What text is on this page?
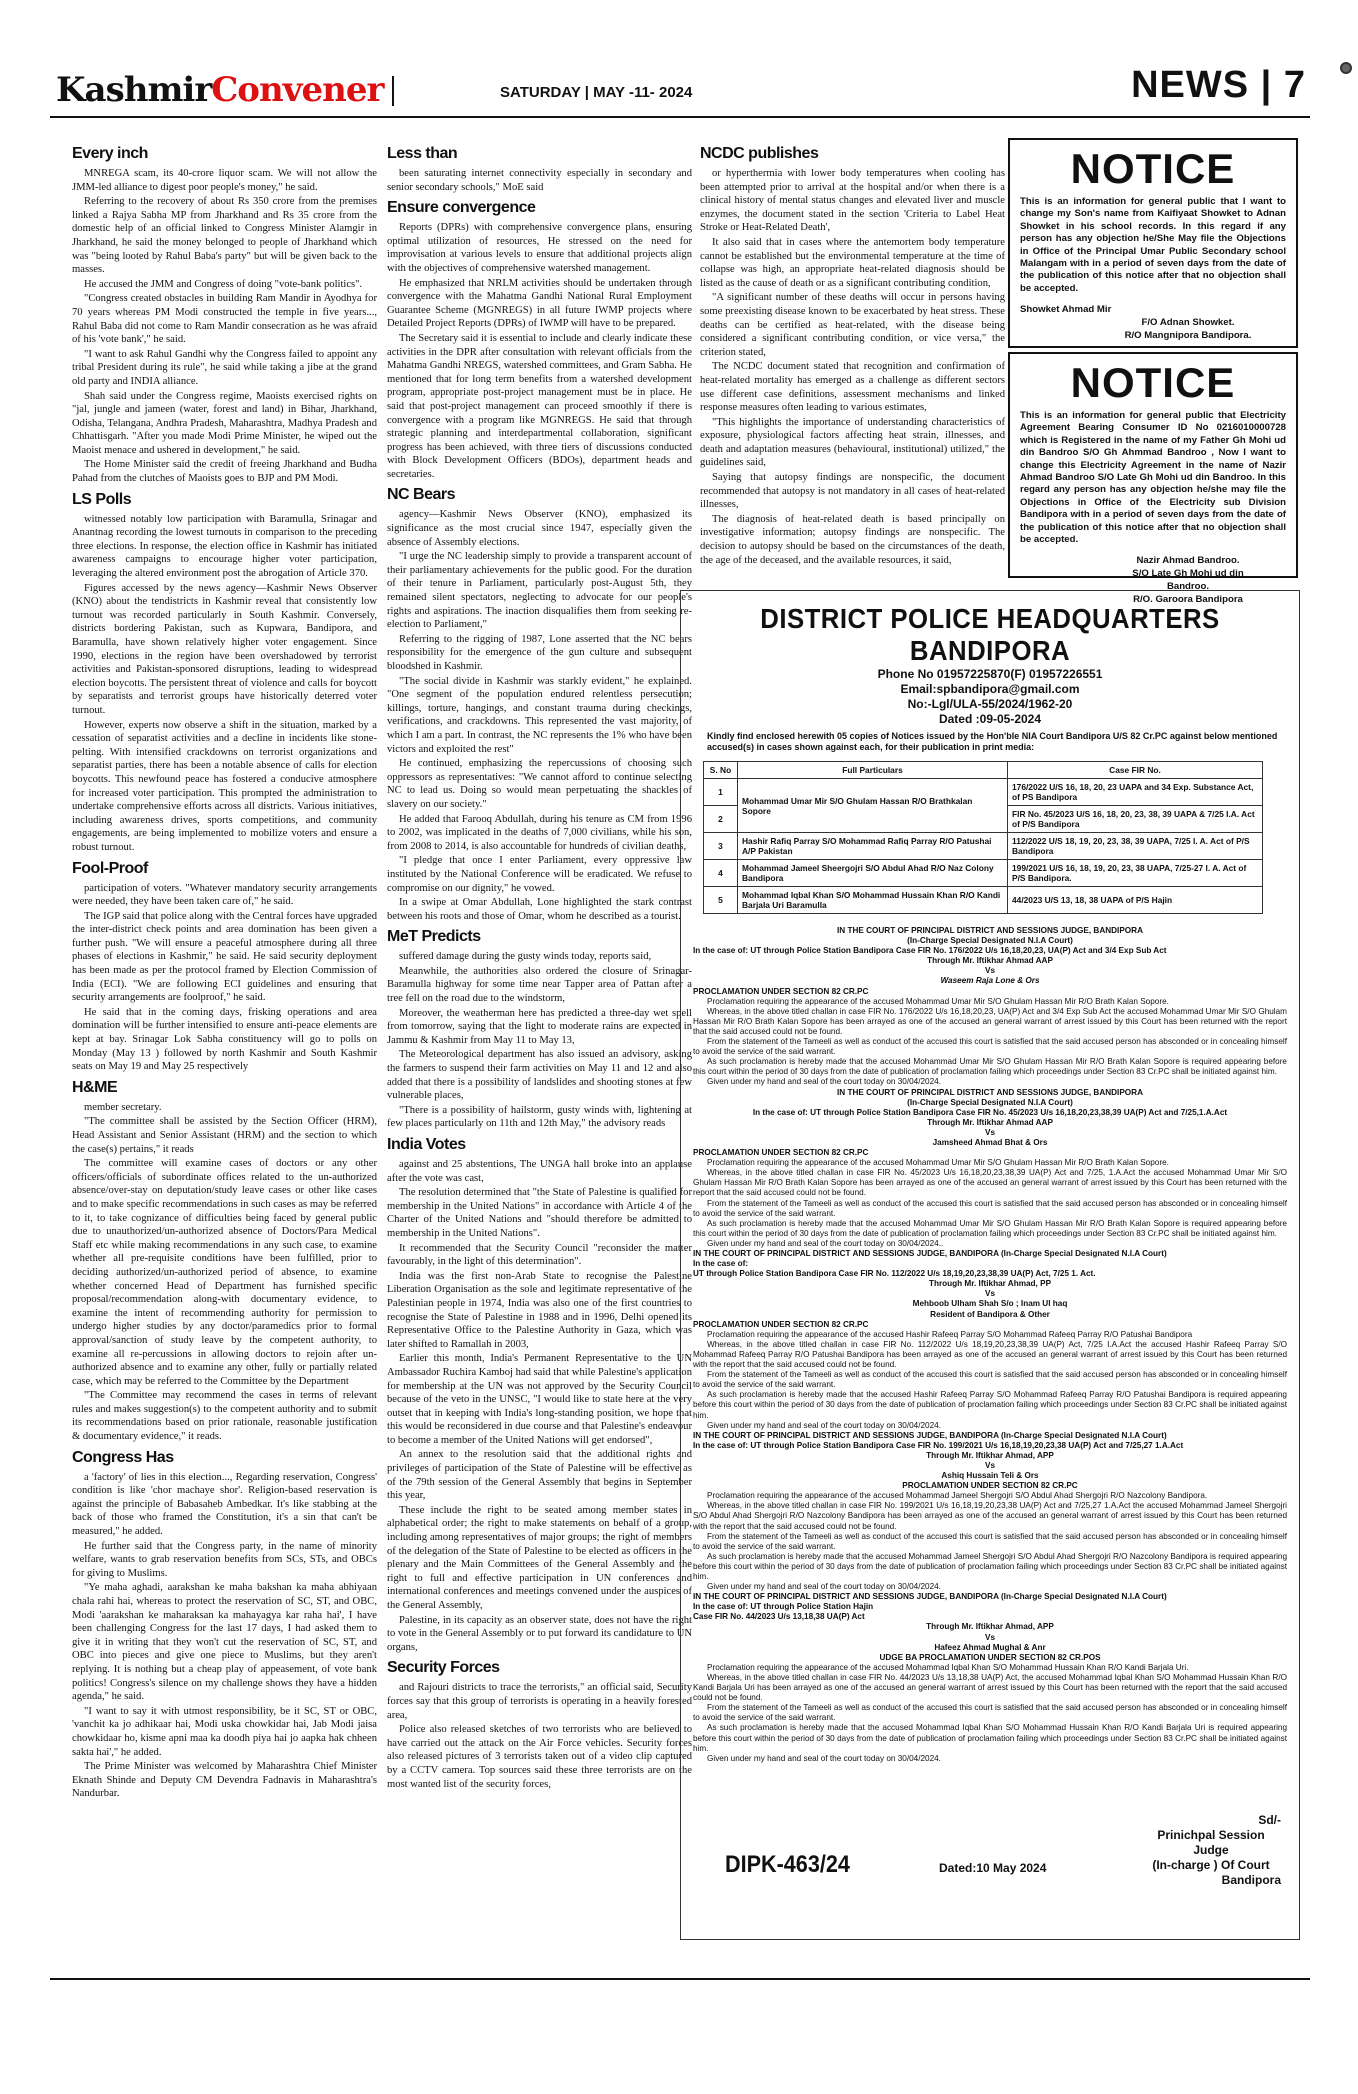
KashmirConvener	SATURDAY | MAY -11- 2024	NEWS | 7
Every inch

MNREGA scam, its 40-crore liquor scam. We will not allow the JMM-led alliance to digest poor people's money," he said.

Referring to the recovery of about Rs 350 crore from the premises linked a Rajya Sabha MP from Jharkhand and Rs 35 crore from the domestic help of an official linked to Congress Minister Alamgir in Jharkhand, he said the money belonged to people of Jharkhand which was "being looted by Rahul Baba's party" but will be given back to the masses.

He accused the JMM and Congress of doing "vote-bank politics".

"Congress created obstacles in building Ram Mandir in Ayodhya for 70 years whereas PM Modi constructed the temple in five years..., Rahul Baba did not come to Ram Mandir consecration as he was afraid of his 'vote bank'," he said.

"I want to ask Rahul Gandhi why the Congress failed to appoint any tribal President during its rule", he said while taking a jibe at the grand old party and INDIA alliance.

Shah said under the Congress regime, Maoists exercised rights on "jal, jungle and jameen (water, forest and land) in Bihar, Jharkhand, Odisha, Telangana, Andhra Pradesh, Maharashtra, Madhya Pradesh and Chhattisgarh. "After you made Modi Prime Minister, he wiped out the Maoist menace and ushered in development," he said.

The Home Minister said the credit of freeing Jharkhand and Budha Pahad from the clutches of Maoists goes to BJP and PM Modi.

LS Polls

witnessed notably low participation with Baramulla, Srinagar and Anantnag recording the lowest turnouts in comparison to the preceding three elections. In response, the election office in Kashmir has initiated awareness campaigns to encourage higher voter participation, leveraging the altered environment post the abrogation of Article 370.

Figures accessed by the news agency—Kashmir News Observer (KNO) about the tendistricts in Kashmir reveal that consistently low turnout was recorded particularly in South Kashmir. Conversely, districts bordering Pakistan, such as Kupwara, Bandipora, and Baramulla, have shown relatively higher voter engagement. Since 1990, elections in the region have been overshadowed by terrorist activities and Pakistan-sponsored disruptions, leading to widespread election boycotts. The persistent threat of violence and calls for boycott by separatists and terrorist groups have historically deterred voter turnout.

However, experts now observe a shift in the situation, marked by a cessation of separatist activities and a decline in incidents like stone-pelting. With intensified crackdowns on terrorist organizations and separatist parties, there has been a notable absence of calls for election boycotts. This newfound peace has fostered a conducive atmosphere for increased voter participation. This prompted the administration to undertake comprehensive efforts across all districts. Various initiatives, including awareness drives, sports competitions, and community engagements, are being implemented to mobilize voters and ensure a robust turnout.

Fool-Proof

participation of voters. "Whatever mandatory security arrangements were needed, they have been taken care of," he said.

The IGP said that police along with the Central forces have upgraded the inter-district check points and area domination has been given a further push. "We will ensure a peaceful atmosphere during all three phases of elections in Kashmir," he said. He said security deployment has been made as per the protocol framed by Election Commission of India (ECI). "We are following ECI guidelines and ensuring that security arrangements are foolproof," he said.

He said that in the coming days, frisking operations and area domination will be further intensified to ensure anti-peace elements are kept at bay. Srinagar Lok Sabha constituency will go to polls on Monday (May 13 ) followed by north Kashmir and South Kashmir seats on May 19 and May 25 respectively

H&ME

member secretary.

"The committee shall be assisted by the Section Officer (HRM), Head Assistant and Senior Assistant (HRM) and the section to which the case(s) pertains," it reads

The committee will examine cases of doctors or any other officers/officials of subordinate offices related to the un-authorized absence/over-stay on deputation/study leave cases or other like cases and to make specific recommendations in such cases as may be referred to it, to take cognizance of difficulties being faced by general public due to unauthorized/un-authorized absence of Doctors/Para Medical Staff etc while making recommendations in any such case, to examine whether all pre-requisite conditions have been fulfilled, prior to deciding authorized/un-authorized period of absence, to examine whether concerned Head of Department has furnished specific proposal/recommendation along-with documentary evidence, to examine the intent of recommending authority for permission to undergo higher studies by any doctor/paramedics prior to formal approval/sanction of study leave by the competent authority, to examine all re-percussions in allowing doctors to rejoin after un-authorized absence and to examine any other, fully or partially related case, which may be referred to the Committee by the Department

"The Committee may recommend the cases in terms of relevant rules and makes suggestion(s) to the competent authority and to submit its recommendations based on prior rationale, reasonable justification & documentary evidence," it reads.

Congress Has

a 'factory' of lies in this election..., Regarding reservation, Congress' condition is like 'chor machaye shor'. Religion-based reservation is against the principle of Babasaheb Ambedkar. It's like stabbing at the back of those who framed the Constitution, it's a sin that can't be measured," he added.

He further said that the Congress party, in the name of minority welfare, wants to grab reservation benefits from SCs, STs, and OBCs for giving to Muslims.

"Ye maha aghadi, aarakshan ke maha bakshan ka maha abhiyaan chala rahi hai, whereas to protect the reservation of SC, ST, and OBC, Modi 'aarakshan ke maharaksan ka mahayagya kar raha hai', I have been challenging Congress for the last 17 days, I had asked them to give it in writing that they won't cut the reservation of SC, ST, and OBC into pieces and give one piece to Muslims, but they aren't replying. It is nothing but a cheap play of appeasement, of vote bank politics! Congress's silence on my challenge shows they have a hidden agenda," he said.

"I want to say it with utmost responsibility, be it SC, ST or OBC, 'vanchit ka jo adhikaar hai, Modi uska chowkidar hai, Jab Modi jaisa chowkidaar ho, kisme apni maa ka doodh piya hai jo aapka hak chheen sakta hai'," he added.

The Prime Minister was welcomed by Maharashtra Chief Minister Eknath Shinde and Deputy CM Devendra Fadnavis in Maharashtra's Nandurbar.

Less than

been saturating internet connectivity especially in secondary and senior secondary schools," MoE said

Ensure convergence

Reports (DPRs) with comprehensive convergence plans, ensuring optimal utilization of resources, He stressed on the need for improvisation at various levels to ensure that additional projects align with the objectives of comprehensive watershed management.

He emphasized that NRLM activities should be undertaken through convergence with the Mahatma Gandhi National Rural Employment Guarantee Scheme (MGNREGS) in all future IWMP projects where Detailed Project Reports (DPRs) of IWMP will have to be prepared.

The Secretary said it is essential to include and clearly indicate these activities in the DPR after consultation with relevant officials from the Mahatma Gandhi NREGS, watershed committees, and Gram Sabha. He mentioned that for long term benefits from a watershed development program, appropriate post-project management must be in place. He said that post-project management can proceed smoothly if there is convergence with a program like MGNREGS. He said that through strategic planning and interdepartmental collaboration, significant progress has been achieved, with three tiers of discussions conducted with Block Development Officers (BDOs), department heads and secretaries.

NC Bears

agency—Kashmir News Observer (KNO), emphasized its significance as the most crucial since 1947, especially given the absence of Assembly elections.

"I urge the NC leadership simply to provide a transparent account of their parliamentary achievements for the public good. For the duration of their tenure in Parliament, particularly post-August 5th, they remained silent spectators, neglecting to advocate for our people's rights and aspirations. The inaction disqualifies them from seeking re-election to Parliament,"

Referring to the rigging of 1987, Lone asserted that the NC bears responsibility for the emergence of the gun culture and subsequent bloodshed in Kashmir.

"The social divide in Kashmir was starkly evident," he explained. "One segment of the population endured relentless persecution; killings, torture, hangings, and constant trauma during checkings, verifications, and crackdowns. This represented the vast majority, of which I am a part. In contrast, the NC represents the 1% who have been victors and exploited the rest"

He continued, emphasizing the repercussions of choosing such oppressors as representatives: "We cannot afford to continue selecting NC to lead us. Doing so would mean perpetuating the shackles of slavery on our society."

He added that Farooq Abdullah, during his tenure as CM from 1996 to 2002, was implicated in the deaths of 7,000 civilians, while his son, from 2008 to 2014, is also accountable for hundreds of civilian deaths,

"I pledge that once I enter Parliament, every oppressive law instituted by the National Conference will be eradicated. We refuse to compromise on our dignity," he vowed.

In a swipe at Omar Abdullah, Lone highlighted the stark contrast between his roots and those of Omar, whom he described as a tourist.

MeT Predicts

suffered damage during the gusty winds today, reports said,

Meanwhile, the authorities also ordered the closure of Srinagar-Baramulla highway for some time near Tapper area of Pattan after a tree fell on the road due to the windstorm,

Moreover, the weatherman here has predicted a three-day wet spell from tomorrow, saying that the light to moderate rains are expected in Jammu & Kashmir from May 11 to May 13,

The Meteorological department has also issued an advisory, asking the farmers to suspend their farm activities on May 11 and 12 and also added that there is a possibility of landslides and shooting stones at few vulnerable places,

"There is a possibility of hailstorm, gusty winds with, lightening at few places particularly on 11th and 12th May," the advisory reads

India Votes

against and 25 abstentions, The UNGA hall broke into an applause after the vote was cast,

The resolution determined that "the State of Palestine is qualified for membership in the United Nations" in accordance with Article 4 of the Charter of the United Nations and "should therefore be admitted to membership in the United Nations".

It recommended that the Security Council "reconsider the matter favourably, in the light of this determination".

India was the first non-Arab State to recognise the Palestine Liberation Organisation as the sole and legitimate representative of the Palestinian people in 1974, India was also one of the first countries to recognise the State of Palestine in 1988 and in 1996, Delhi opened its Representative Office to the Palestine Authority in Gaza, which was later shifted to Ramallah in 2003,

Earlier this month, India's Permanent Representative to the UN Ambassador Ruchira Kamboj had said that while Palestine's application for membership at the UN was not approved by the Security Council because of the veto in the UNSC, "I would like to state here at the very outset that in keeping with India's long-standing position, we hope that this would be reconsidered in due course and that Palestine's endeavour to become a member of the United Nations will get endorsed",

An annex to the resolution said that the additional rights and privileges of participation of the State of Palestine will be effective as of the 79th session of the General Assembly that begins in September this year,

These include the right to be seated among member states in alphabetical order; the right to make statements on behalf of a group, including among representatives of major groups; the right of members of the delegation of the State of Palestine to be elected as officers in the plenary and the Main Committees of the General Assembly and the right to full and effective participation in UN conferences and international conferences and meetings convened under the auspices of the General Assembly,

Palestine, in its capacity as an observer state, does not have the right to vote in the General Assembly or to put forward its candidature to UN organs,

Security Forces

and Rajouri districts to trace the terrorists," an official said, Security forces say that this group of terrorists is operating in a heavily forested area,

Police also released sketches of two terrorists who are believed to have carried out the attack on the Air Force vehicles. Security forces also released pictures of 3 terrorists taken out of a video clip captured by a CCTV camera. Top sources said these three terrorists are on the most wanted list of the security forces,

NCDC publishes

or hyperthermia with lower body temperatures when cooling has been attempted prior to arrival at the hospital and/or when there is a clinical history of mental status changes and elevated liver and muscle enzymes, the document stated in the section 'Criteria to Label Heat Stroke or Heat-Related Death',

It also said that in cases where the antemortem body temperature cannot be established but the environmental temperature at the time of collapse was high, an appropriate heat-related diagnosis should be listed as the cause of death or as a significant contributing condition,

"A significant number of these deaths will occur in persons having some preexisting disease known to be exacerbated by heat stress. These deaths can be certified as heat-related, with the disease being considered a significant contributing condition, or vice versa," the criterion stated,

The NCDC document stated that recognition and confirmation of heat-related mortality has emerged as a challenge as different sectors use different case definitions, assessment mechanisms and linked response measures often leading to various estimates,

"This highlights the importance of understanding characteristics of exposure, physiological factors affecting heat strain, illnesses, and death and adaptation measures (behavioural, institutional) utilized," the guidelines said,

Saying that autopsy findings are nonspecific, the document recommended that autopsy is not mandatory in all cases of heat-related illnesses,

The diagnosis of heat-related death is based principally on investigative information; autopsy findings are nonspecific. The decision to autopsy should be based on the circumstances of the death, the age of the deceased, and the available resources, it said,

NOTICE
This is an information for general public that I want to change my Son's name from Kaifiyaat Showket to Adnan Showket in his school records. In this regard if any person has any objection he/She May file the Objections in Office of the Principal Umar Public Secondary school Malangam with in a period of seven days from the date of the publication of this notice after that no objection shall be accepted.
Showket Ahmad Mir
F/O Adnan Showket.
R/O Mangnipora Bandipora.
NOTICE
This is an information for general public that Electricity Agreement Bearing Consumer ID No 0216010000728 which is Registered in the name of my Father Gh Mohi ud din Bandroo S/O Gh Ahmmad Bandroo , Now I want to change this Electricity Agreement in the name of Nazir Ahmad Bandroo S/O Late Gh Mohi ud din Bandroo. In this regard any person has any objection he/she may file the Objections in Office of the Electricity sub Division Bandipora with in a period of seven days from the date of the publication of this notice after that no objection shall be accepted.
Nazir Ahmad Bandroo.
S/O Late Gh Mohi ud din Bandroo.
R/O. Garoora Bandipora
DISTRICT POLICE HEADQUARTERS BANDIPORA
Phone No 01957225870(F) 01957226551
Email:spbandipora@gmail.com
No:-Lgl/ULA-55/2024/1962-20
Dated :09-05-2024
Kindly find enclosed herewith 05 copies of Notices issued by the Hon'ble NIA Court Bandipora U/S 82 Cr.PC against below mentioned accused(s) in cases shown against each, for their publication in print media:
S. No	Full Particulars	Case FIR No.
1	Mohammad Umar Mir S/O Ghulam Hassan R/O Brathkalan Sopore	176/2022 U/S 16, 18, 20, 23 UAPA and 34 Exp. Substance Act, of PS Bandipora
2		FIR No. 45/2023 U/S 16, 18, 20, 23, 38, 39 UAPA & 7/25 I.A. Act of P/S Bandipora
3	Hashir Rafiq Parray S/O Mohammad Rafiq Parray R/O Patushai A/P Pakistan	112/2022 U/S 18, 19, 20, 23, 38, 39 UAPA, 7/25 I. A. Act of P/S Bandipora
4	Mohammad Jameel Sheergojri S/O Abdul Ahad R/O Naz Colony Bandipora	199/2021 U/S 16, 18, 19, 20, 23, 38 UAPA, 7/25-27 I. A. Act of P/S Bandipora.
5	Mohammad Iqbal Khan S/O Mohammad Hussain Khan R/O Kandi Barjala Uri Baramulla	44/2023 U/S 13, 18, 38 UAPA of P/S Hajin
IN THE COURT OF PRINCIPAL DISTRICT AND SESSIONS JUDGE, BANDIPORA
(In-Charge Special Designated N.I.A Court)
In the case of: UT through Police Station Bandipora Case FIR No. 176/2022 U/s 16,18,20,23, UA(P) Act and 3/4 Exp Sub Act
Through Mr. Iftikhar Ahmad AAP
Vs
Waseem Raja Lone & Ors
PROCLAMATION UNDER SECTION 82 CR.PC

Proclamation requiring the appearance of the accused Mohammad Umar Mir S/O Ghulam Hassan Mir R/O Brath Kalan Sopore.

Whereas, in the above titled challan in case FIR No. 176/2022 U/s 16,18,20,23, UA(P) Act and 3/4 Exp Sub Act the accused Mohammad Umar Mir S/O Ghulam Hassan Mir R/O Brath Kalan Sopore has been arrayed as one of the accused an general warrant of arrest issued by this Court has been returned with the report that the said accused could not be found.

From the statement of the Tameeli as well as conduct of the accused this court is satisfied that the said accused person has absconded or in concealing himself to avoid the service of the said warrant.

As such proclamation is hereby made that the accused Mohammad Umar Mir S/O Ghulam Hassan Mir R/O Brath Kalan Sopore is required appearing before this court within the period of 30 days from the date of publication of proclamation failing which proceedings under Section 83 Cr.PC shall be initiated against him.

Given under my hand and seal of the court today on 30/04/2024.

IN THE COURT OF PRINCIPAL DISTRICT AND SESSIONS JUDGE, BANDIPORA
(In-Charge Special Designated N.I.A Court)
In the case of: UT through Police Station Bandipora Case FIR No. 45/2023 U/s 16,18,20,23,38,39 UA(P) Act and 7/25,1.A.Act
Through Mr. Iftikhar Ahmad AAP
Vs
Jamsheed Ahmad Bhat & Ors
PROCLAMATION UNDER SECTION 82 CR.PC

Proclamation requiring the appearance of the accused Mohammad Umar Mir S/O Ghulam Hassan Mir R/O Brath Kalan Sopore.

Whereas, in the above titled challan in case FIR No. 45/2023 U/s 16,18,20,23,38,39 UA(P) Act and 7/25, 1.A.Act the accused Mohammad Umar Mir S/O Ghulam Hassan Mir R/O Brath Kalan Sopore has been arrayed as one of the accused an general warrant of arrest issued by this Court has been returned with the report that the said accused could not be found.

From the statement of the Tameeli as well as conduct of the accused this court is satisfied that the said accused person has absconded or in concealing himself to avoid the service of the said warrant.

As such proclamation is hereby made that the accused Mohammad Umar Mir S/O Ghulam Hassan Mir R/O Brath Kalan Sopore is required appearing before this court within the period of 30 days from the date of publication of proclamation failing which proceedings under Section 83 Cr.PC shall be initiated against him.

Given under my hand and seal of the court today on 30/04/2024..

IN THE COURT OF PRINCIPAL DISTRICT AND SESSIONS JUDGE, BANDIPORA (In-Charge Special Designated N.I.A Court)
In the case of:
UT through Police Station Bandipora Case FIR No. 112/2022 U/s 18,19,20,23,38,39 UA(P) Act, 7/25 1. Act.
Through Mr. Iftikhar Ahmad, PP
Vs
Mehboob Ulham Shah S/o ; Inam Ul haq
Resident of Bandipora & Other
PROCLAMATION UNDER SECTION 82 CR.PC

Proclamation requiring the appearance of the accused Hashir Rafeeq Parray S/O Mohammad Rafeeq Parray R/O Patushai Bandipora

Whereas, in the above titled challan in case FIR No. 112/2022 U/s 18,19,20,23,38,39 UA(P) Act, 7/25 I.A.Act the accused Hashir Rafeeq Parray S/O Mohammad Rafeeq Parray R/O Patushai Bandipora has been arrayed as one of the accused an general warrant of arrest issued by this Court has been returned with the report that the said accused could not be found.

From the statement of the Tameeli as well as conduct of the accused this court is satisfied that the said accused person has absconded or in concealing himself to avoid the service of the said warrant.

As such proclamation is hereby made that the accused Hashir Rafeeq Parray S/O Mohammad Rafeeq Parray R/O Patushai Bandipora is required appearing before this court within the period of 30 days from the date of publication of proclamation failing which proceedings under Section 83 Cr.PC shall be initiated against him.

Given under my hand and seal of the court today on 30/04/2024.

IN THE COURT OF PRINCIPAL DISTRICT AND SESSIONS JUDGE, BANDIPORA (In-Charge Special Designated N.I.A Court)
In the case of: UT through Police Station Bandipora Case FIR No. 199/2021 U/s 16,18,19,20,23,38 UA(P) Act and 7/25,27 1.A.Act
Through Mr. Iftikhar Ahmad, APP
Vs
Ashiq Hussain Teli & Ors
PROCLAMATION UNDER SECTION 82 CR.PC

Proclamation requiring the appearance of the accused Mohammad Jameel Shergojri S/O Abdul Ahad Shergojri R/O Nazcolony Bandipora.

Whereas, in the above titled challan in case FIR No. 199/2021 U/s 16,18,19,20,23,38 UA(P) Act and 7/25,27 1.A.Act the accused Mohammad Jameel Shergojri S/O Abdul Ahad Shergojri R/O Nazcolony Bandipora has been arrayed as one of the accused an general warrant of arrest issued by this Court has been returned with the report that the said accused could not be found.

From the statement of the Tameeli as well as conduct of the accused this court is satisfied that the said accused person has absconded or in concealing himself to avoid the service of the said warrant.

As such proclamation is hereby made that the accused Mohammad Jameel Shergojri S/O Abdul Ahad Shergojri R/O Nazcolony Bandipora is required appearing before this court within the period of 30 days from the date of publication of proclamation failing which proceedings under Section 83 Cr.PC shall be initiated against him.

Given under my hand and seal of the court today on 30/04/2024.

IN THE COURT OF PRINCIPAL DISTRICT AND SESSIONS JUDGE, BANDIPORA (In-Charge Special Designated N.I.A Court)
In the case of: UT through Police Station Hajin
Case FIR No. 44/2023 U/s 13,18,38 UA(P) Act
Through Mr. Iftikhar Ahmad, APP
Vs
Hafeez Ahmad Mughal & Anr
UDGE BA PROCLAMATION UNDER SECTION 82 CR.POS

Proclamation requiring the appearance of the accused Mohammad Iqbal Khan S/O Mohammad Hussain Khan R/O Kandi Barjala Uri.

Whereas, in the above titled challan in case FIR No. 44/2023 U/s 13,18,38 UA(P) Act, the accused Mohammad Iqbal Khan S/O Mohammad Hussain Khan R/O Kandi Barjala Uri has been arrayed as one of the accused an general warrant of arrest issued by this Court has been returned with the report that the said accused could not be found.

From the statement of the Tameeli as well as conduct of the accused this court is satisfied that the said accused person has absconded or in concealing himself to avoid the service of the said warrant.

As such proclamation is hereby made that the accused Mohammad Iqbal Khan S/O Mohammad Hussain Khan R/O Kandi Barjala Uri is required appearing before this court within the period of 30 days from the date of publication of proclamation failing which proceedings under Section 83 Cr.PC shall be initiated against him.

Given under my hand and seal of the court today on 30/04/2024.

DIPK-463/24	Dated:10 May 2024
Sd/-
Prinichpal Session Judge
(In-charge ) Of Court
Bandipora
